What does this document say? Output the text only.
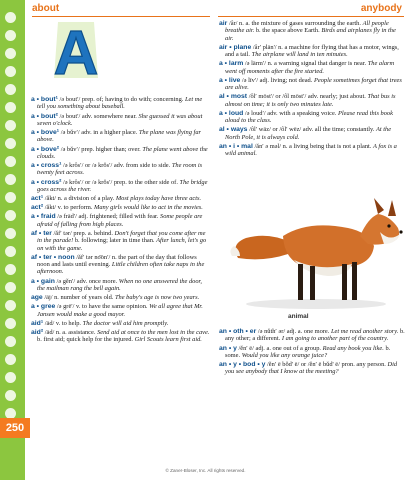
250
about	anybody
A
a • bout¹ /ə boutʹ/ prep. of; having to do with; concerning. Let me tell you something about baseball.
a • bout² /ə boutʹ/ adv. somewhere near. She guessed it was about seven o'clock.
a • bove¹ /ə bŭvʹ/ adv. in a higher place. The plane was flying far above.
a • bove² /ə bŭvʹ/ prep. higher than; over. The plane went above the clouds.
a • cross¹ /ə krôsʹ/ or /ə krŏsʹ/ adv. from side to side. The room is twenty feet across.
a • cross² /ə krôsʹ/ or /ə krŏsʹ/ prep. to the other side of. The bridge goes across the river.
act¹ /ăkt/ n. a division of a play. Most plays today have three acts.
act² /ăkt/ v. to perform. Many girls would like to act in the movies.
a • fraid /ə frādʹ/ adj. frightened; filled with fear. Some people are afraid of falling from high places.
af • ter /ăfʹ tər/ prep. a. behind. Don't forget that you come after me in the parade! b. following; later in time than. After lunch, let's go on with the game.
af • ter • noon /ăfʹ tər no͞onʹ/ n. the part of the day that follows noon and lasts until evening. Little children often take naps in the afternoon.
a • gain /ə gĕnʹ/ adv. once more. When no one answered the door, the mailman rang the bell again.
age /āj/ n. number of years old. The baby's age is now two years.
a • gree /ə grēʹ/ v. to have the same opinion. We all agree that Mr. Jansen would make a good mayor.
aid¹ /ād/ v. to help. The doctor will aid him promptly.
aid² /ād/ n. a. assistance. Send aid at once to the men lost in the cave. b. first aid; quick help for the injured. Girl Scouts learn first aid.
air /âr/ n. a. the mixture of gases surrounding the earth. All people breathe air. b. the space above Earth. Birds and airplanes fly in the air.
air • plane /ârʹ plān'/ n. a machine for flying that has a motor, wings, and a tail. The airplane will land in ten minutes.
a • larm /ə lärmʹ/ n. a warning signal that danger is near. The alarm went off moments after the fire started.
a • live /ə līvʹ/ adj. living; not dead. People sometimes forget that trees are alive.
al • most /ôlʹ mōst'/ or /ôl mōstʹ/ adv. nearly; just about. That bus is almost on time; it is only two minutes late.
a • loud /ə loudʹ/ adv. with a speaking voice. Please read this book aloud to the class.
al • ways /ôlʹ wāz/ or /ôlʹ wēz/ adv. all the time; constantly. At the North Pole, it is always cold.
an • i • mal /ănʹ ə məl/ n. a living being that is not a plant. A fox is a wild animal.
animal
an • oth • er /ə nŭthʹ ər/ adj. a. one more. Let me read another story. b. any other; a different. I am going to another part of the country.
an • y /ĕnʹ ē/ adj. a. one out of a group. Read any book you like. b. some. Would you like any orange juice?
an • y • bod • y /ĕnʹ ē bŏd' ē/ or /ĕnʹ ē bŭd' ē/ pron. any person. Did you see anybody that I know at the meeting?
© Zaner-Bloser, Inc. All rights reserved.
